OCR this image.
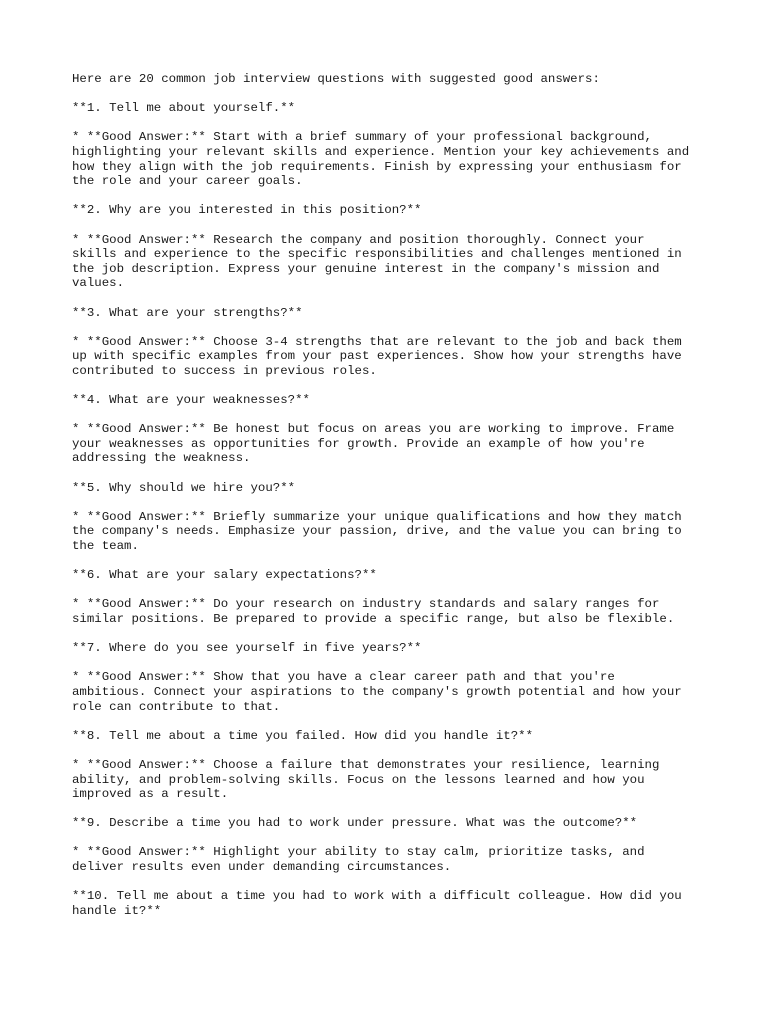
Here are 20 common job interview questions with suggested good answers:

**1. Tell me about yourself.**

* **Good Answer:** Start with a brief summary of your professional background,
highlighting your relevant skills and experience. Mention your key achievements and
how they align with the job requirements. Finish by expressing your enthusiasm for
the role and your career goals.

**2. Why are you interested in this position?**

* **Good Answer:** Research the company and position thoroughly. Connect your
skills and experience to the specific responsibilities and challenges mentioned in
the job description. Express your genuine interest in the company's mission and
values.

**3. What are your strengths?**

* **Good Answer:** Choose 3-4 strengths that are relevant to the job and back them
up with specific examples from your past experiences. Show how your strengths have
contributed to success in previous roles.

**4. What are your weaknesses?**

* **Good Answer:** Be honest but focus on areas you are working to improve. Frame
your weaknesses as opportunities for growth. Provide an example of how you're
addressing the weakness.

**5. Why should we hire you?**

* **Good Answer:** Briefly summarize your unique qualifications and how they match
the company's needs. Emphasize your passion, drive, and the value you can bring to
the team.

**6. What are your salary expectations?**

* **Good Answer:** Do your research on industry standards and salary ranges for
similar positions. Be prepared to provide a specific range, but also be flexible.

**7. Where do you see yourself in five years?**

* **Good Answer:** Show that you have a clear career path and that you're
ambitious. Connect your aspirations to the company's growth potential and how your
role can contribute to that.

**8. Tell me about a time you failed. How did you handle it?**

* **Good Answer:** Choose a failure that demonstrates your resilience, learning
ability, and problem-solving skills. Focus on the lessons learned and how you
improved as a result.

**9. Describe a time you had to work under pressure. What was the outcome?**

* **Good Answer:** Highlight your ability to stay calm, prioritize tasks, and
deliver results even under demanding circumstances.

**10. Tell me about a time you had to work with a difficult colleague. How did you
handle it?**
